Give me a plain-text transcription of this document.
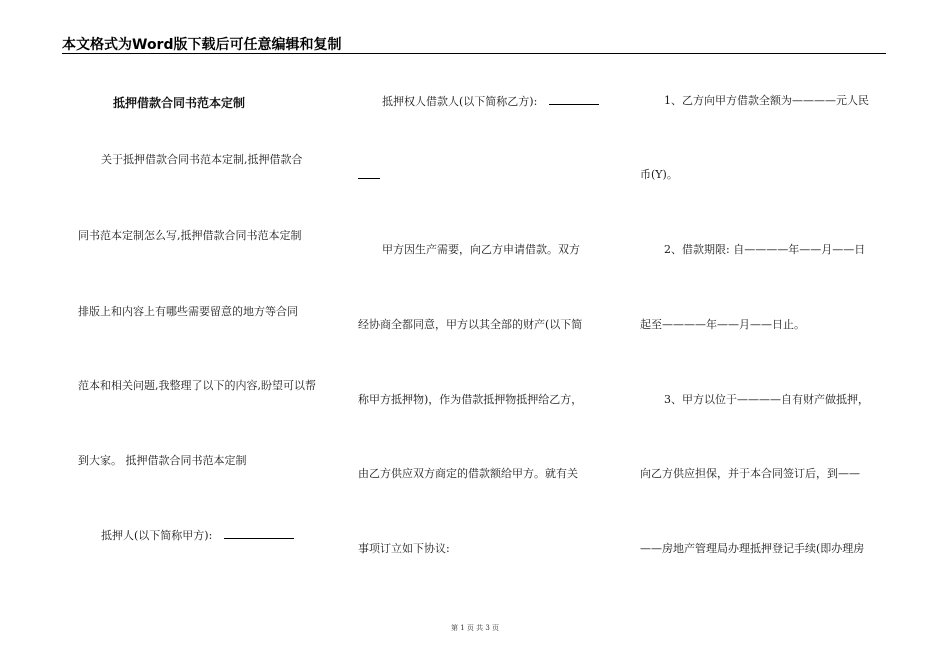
本文格式为Word版下载后可任意编辑和复制
抵押借款合同书范本定制
关于抵押借款合同书范本定制,抵押借款合
同书范本定制怎么写,抵押借款合同书范本定制
排版上和内容上有哪些需要留意的地方等合同
范本和相关问题,我整理了以下的内容,盼望可以帮
到大家。 抵押借款合同书范本定制
抵押人(以下简称甲方):
抵押权人借款人(以下简称乙方):
甲方因生产需要，向乙方申请借款。双方
经协商全都同意，甲方以其全部的财产(以下简
称甲方抵押物)，作为借款抵押物抵押给乙方，
由乙方供应双方商定的借款额给甲方。就有关
事项订立如下协议:
1、乙方向甲方借款全额为————元人民
币(Y)。
2、借款期限: 自————年——月——日
起至————年——月——日止。
3、甲方以位于————自有财产做抵押，
向乙方供应担保，并于本合同签订后，到——
——房地产管理局办理抵押登记手续(即办理房
第 1 页 共 3 页
